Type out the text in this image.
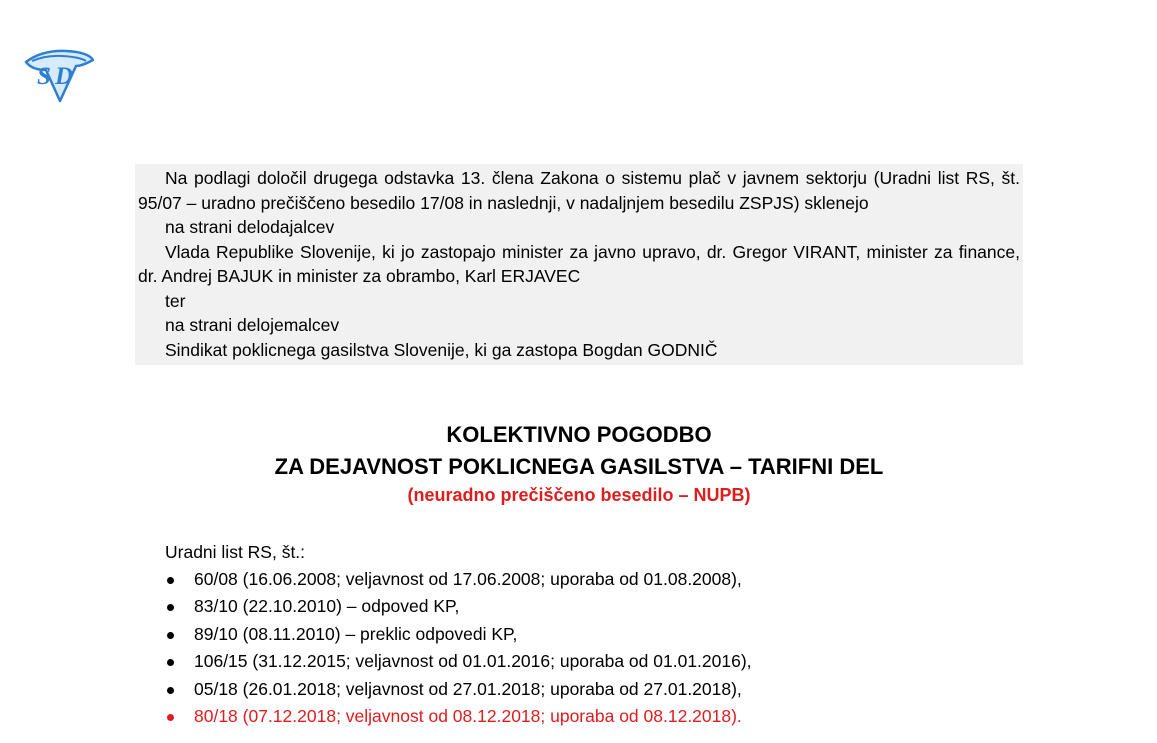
S D

Na podlagi določil drugega odstavka 13. člena Zakona o sistemu plač v javnem sektorju (Uradni list RS, št. 95/07 – uradno prečiščeno besedilo 17/08 in naslednji, v nadaljnjem besedilu ZSPJS) sklenejo

na strani delodajalcev

Vlada Republike Slovenije, ki jo zastopajo minister za javno upravo, dr. Gregor VIRANT, minister za finance, dr. Andrej BAJUK in minister za obrambo, Karl ERJAVEC

ter

na strani delojemalcev

Sindikat poklicnega gasilstva Slovenije, ki ga zastopa Bogdan GODNIČ

KOLEKTIVNO POGODBO

ZA DEJAVNOST POKLICNEGA GASILSTVA – TARIFNI DEL

(neuradno prečiščeno besedilo – NUPB)

Uradni list RS, št.:

60/08 (16.06.2008; veljavnost od 17.06.2008; uporaba od 01.08.2008),
83/10 (22.10.2010) – odpoved KP,
89/10 (08.11.2010) – preklic odpovedi KP,
106/15 (31.12.2015; veljavnost od 01.01.2016; uporaba od 01.01.2016),
05/18 (26.01.2018; veljavnost od 27.01.2018; uporaba od 27.01.2018),
80/18 (07.12.2018; veljavnost od 08.12.2018; uporaba od 08.12.2018).
